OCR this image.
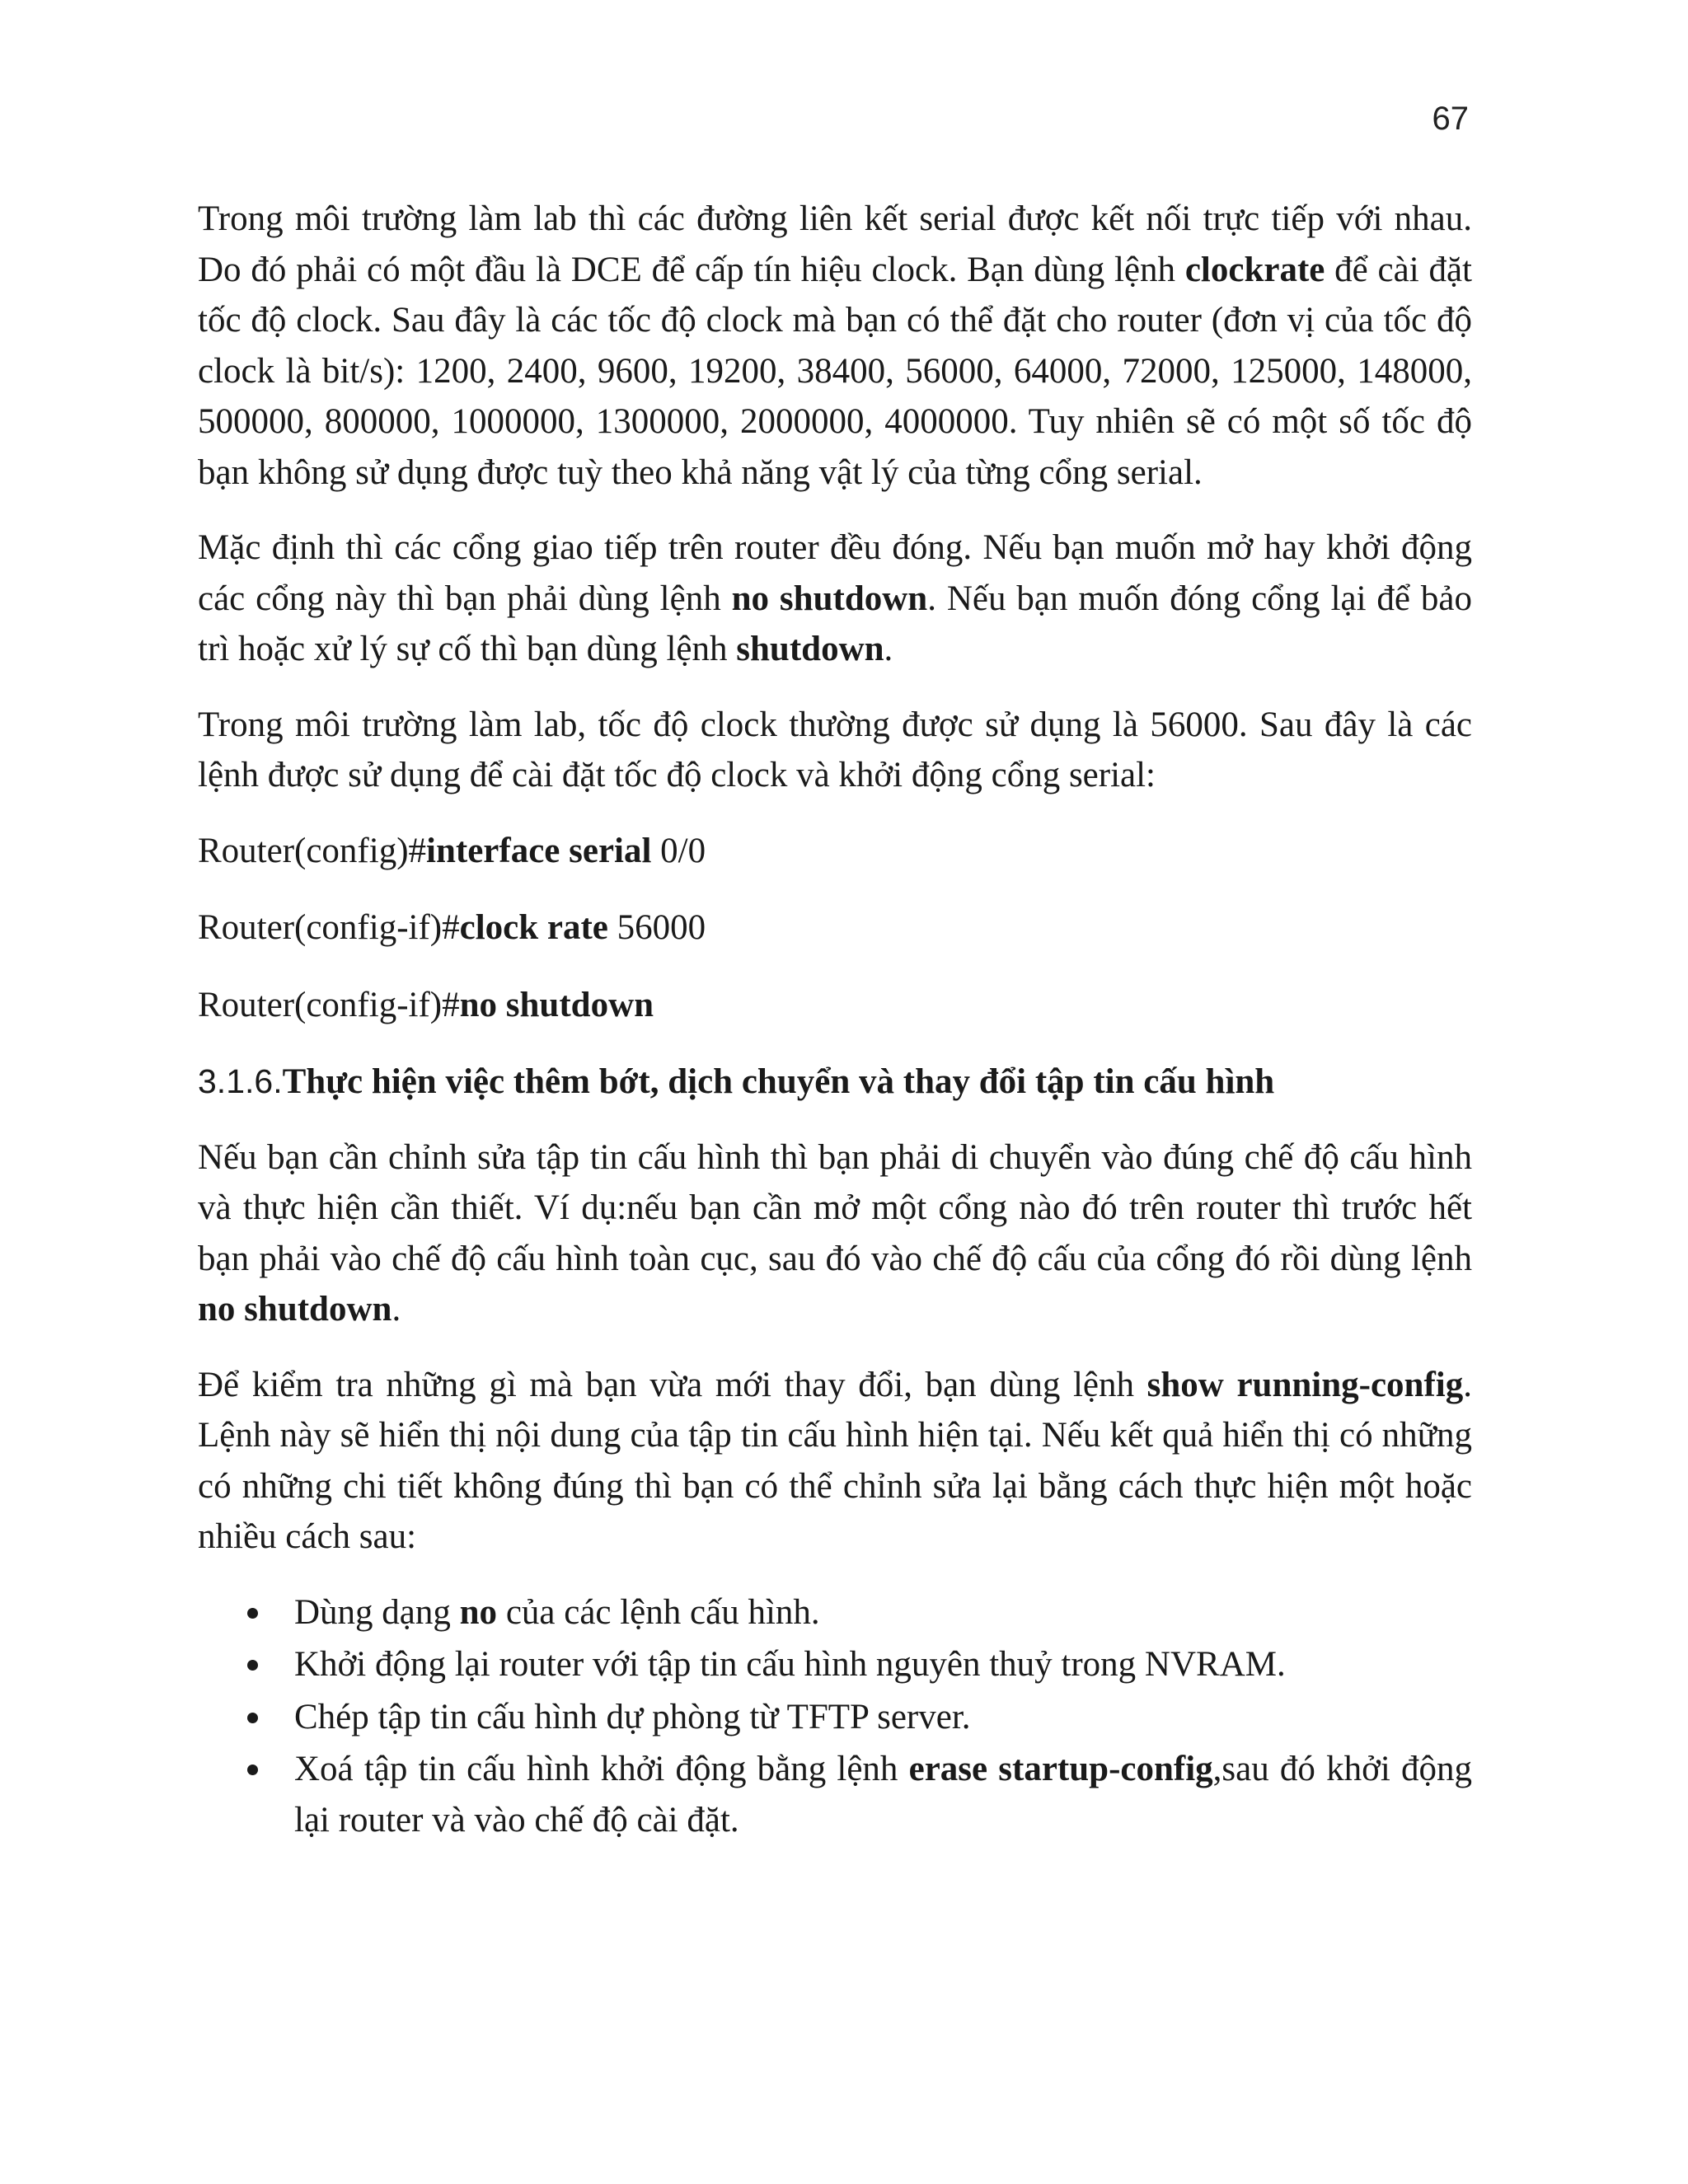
67

Trong môi trường làm lab thì các đường liên kết serial được kết nối trực tiếp với nhau. Do đó phải có một đầu là DCE để cấp tín hiệu clock. Bạn dùng lệnh clockrate để cài đặt tốc độ clock. Sau đây là các tốc độ clock mà bạn có thể đặt cho router (đơn vị của tốc độ clock là bit/s): 1200, 2400, 9600, 19200, 38400, 56000, 64000, 72000, 125000, 148000, 500000, 800000, 1000000, 1300000, 2000000, 4000000. Tuy nhiên sẽ có một số tốc độ bạn không sử dụng được tuỳ theo khả năng vật lý của từng cổng serial.

Mặc định thì các cổng giao tiếp trên router đều đóng. Nếu bạn muốn mở hay khởi động các cổng này thì bạn phải dùng lệnh no shutdown. Nếu bạn muốn đóng cổng lại để bảo trì hoặc xử lý sự cố thì bạn dùng lệnh shutdown.

Trong môi trường làm lab, tốc độ clock thường được sử dụng là 56000. Sau đây là các lệnh được sử dụng để cài đặt tốc độ clock và khởi động cổng serial:

Router(config)#interface serial 0/0
Router(config-if)#clock rate 56000
Router(config-if)#no shutdown
3.1.6.Thực hiện việc thêm bớt, dịch chuyển và thay đổi tập tin cấu hình

Nếu bạn cần chỉnh sửa tập tin cấu hình thì bạn phải di chuyển vào đúng chế độ cấu hình và thực hiện cần thiết. Ví dụ:nếu bạn cần mở một cổng nào đó trên router thì trước hết bạn phải vào chế độ cấu hình toàn cục, sau đó vào chế độ cấu của cổng đó rồi dùng lệnh no shutdown.

Để kiểm tra những gì mà bạn vừa mới thay đổi, bạn dùng lệnh show running-config. Lệnh này sẽ hiển thị nội dung của tập tin cấu hình hiện tại. Nếu kết quả hiển thị có những có những chi tiết không đúng thì bạn có thể chỉnh sửa lại bằng cách thực hiện một hoặc nhiều cách sau:

Dùng dạng no của các lệnh cấu hình.
Khởi động lại router với tập tin cấu hình nguyên thuỷ trong NVRAM.
Chép tập tin cấu hình dự phòng từ TFTP server.
Xoá tập tin cấu hình khởi động bằng lệnh erase startup-config,sau đó khởi động lại router và vào chế độ cài đặt.
